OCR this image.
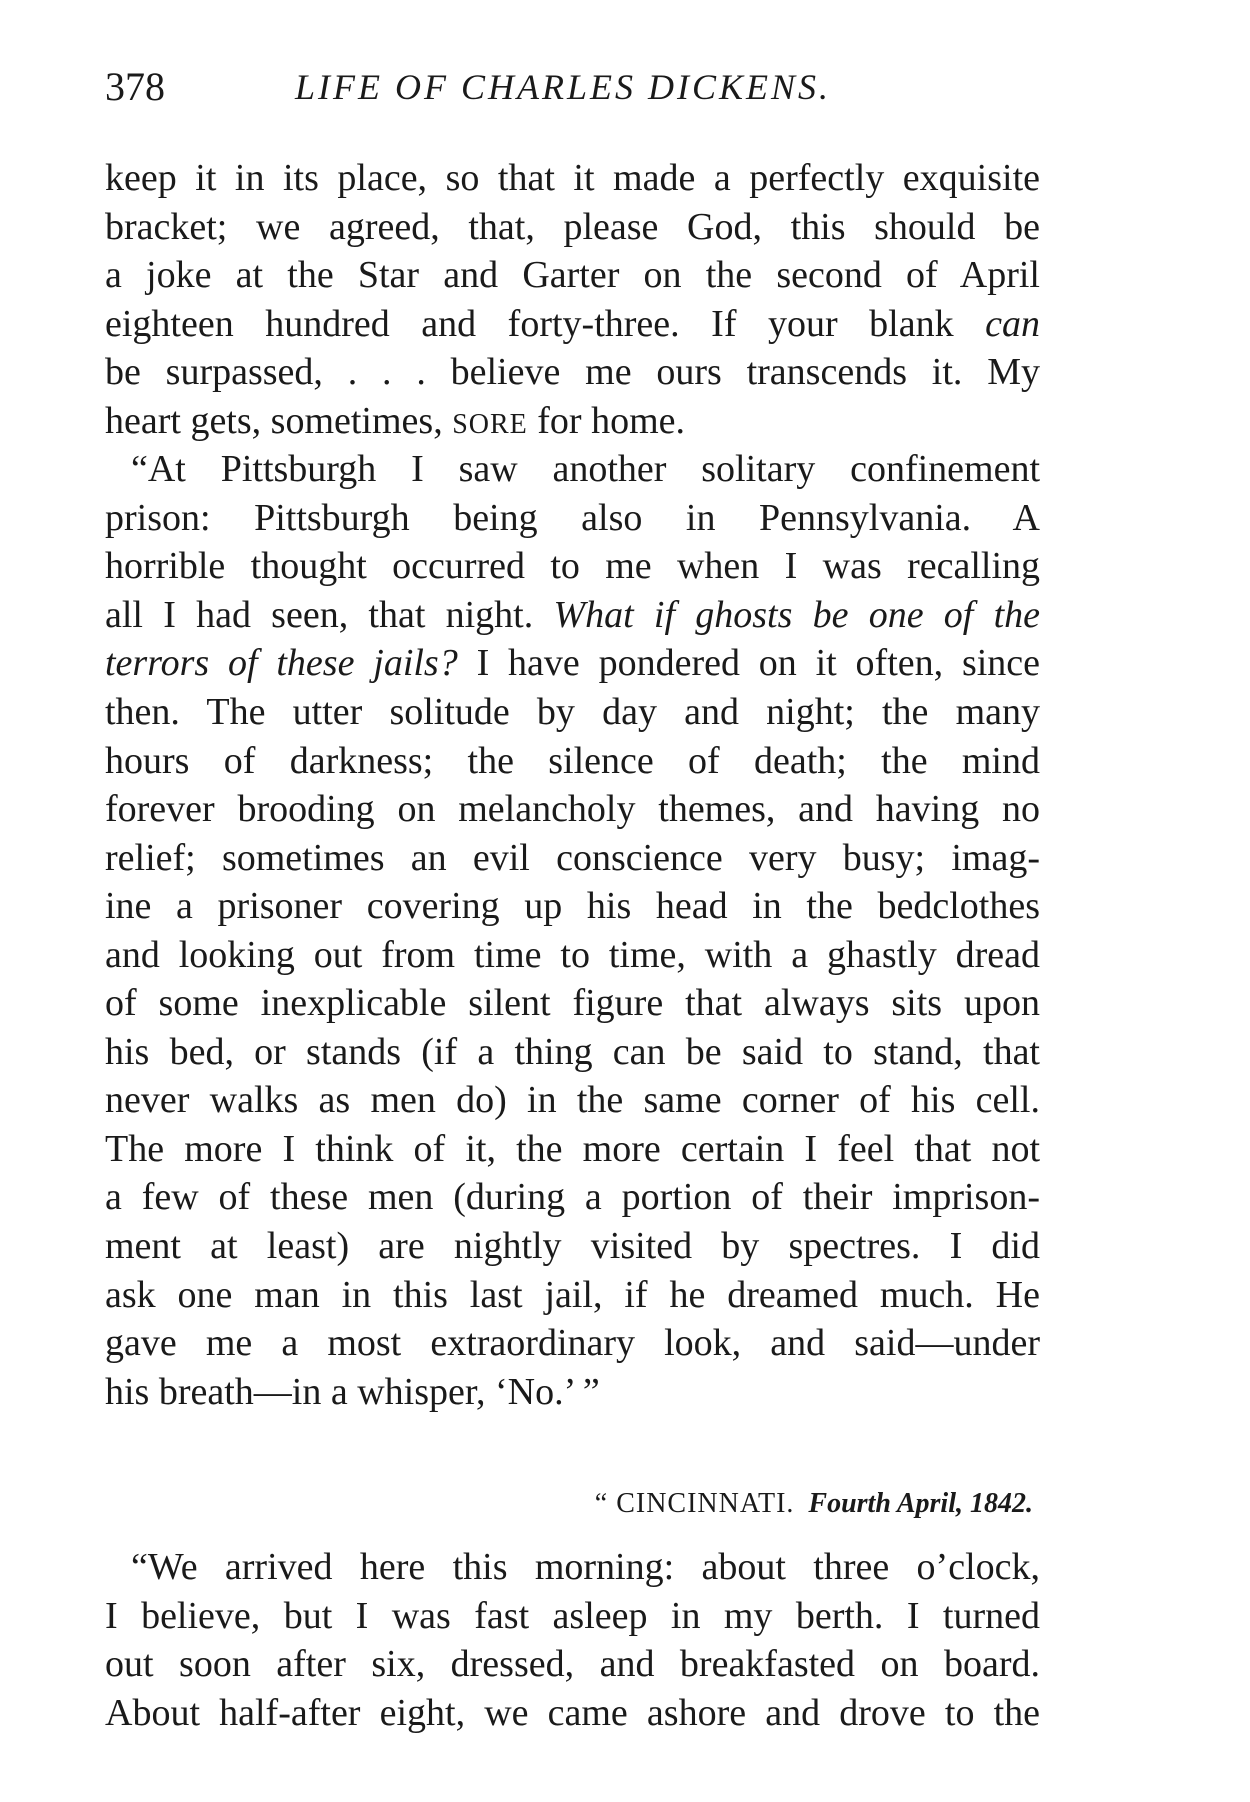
378	LIFE OF CHARLES DICKENS.
keep it in its place, so that it made a perfectly exquisite
bracket; we agreed, that, please God, this should be
a joke at the Star and Garter on the second of April
eighteen hundred and forty-three. If your blank can
be surpassed, . . . believe me ours transcends it. My
heart gets, sometimes, SORE for home.
“At Pittsburgh I saw another solitary confinement
prison: Pittsburgh being also in Pennsylvania. A
horrible thought occurred to me when I was recalling
all I had seen, that night. What if ghosts be one of the
terrors of these jails? I have pondered on it often, since
then. The utter solitude by day and night; the many
hours of darkness; the silence of death; the mind
forever brooding on melancholy themes, and having no
relief; sometimes an evil conscience very busy; imag-
ine a prisoner covering up his head in the bedclothes
and looking out from time to time, with a ghastly dread
of some inexplicable silent figure that always sits upon
his bed, or stands (if a thing can be said to stand, that
never walks as men do) in the same corner of his cell.
The more I think of it, the more certain I feel that not
a few of these men (during a portion of their imprison-
ment at least) are nightly visited by spectres. I did
ask one man in this last jail, if he dreamed much. He
gave me a most extraordinary look, and said—under
his breath—in a whisper, ‘No.’ ”
“ CINCINNATI. Fourth April, 1842.
“We arrived here this morning: about three o’clock,
I believe, but I was fast asleep in my berth. I turned
out soon after six, dressed, and breakfasted on board.
About half-after eight, we came ashore and drove to the
